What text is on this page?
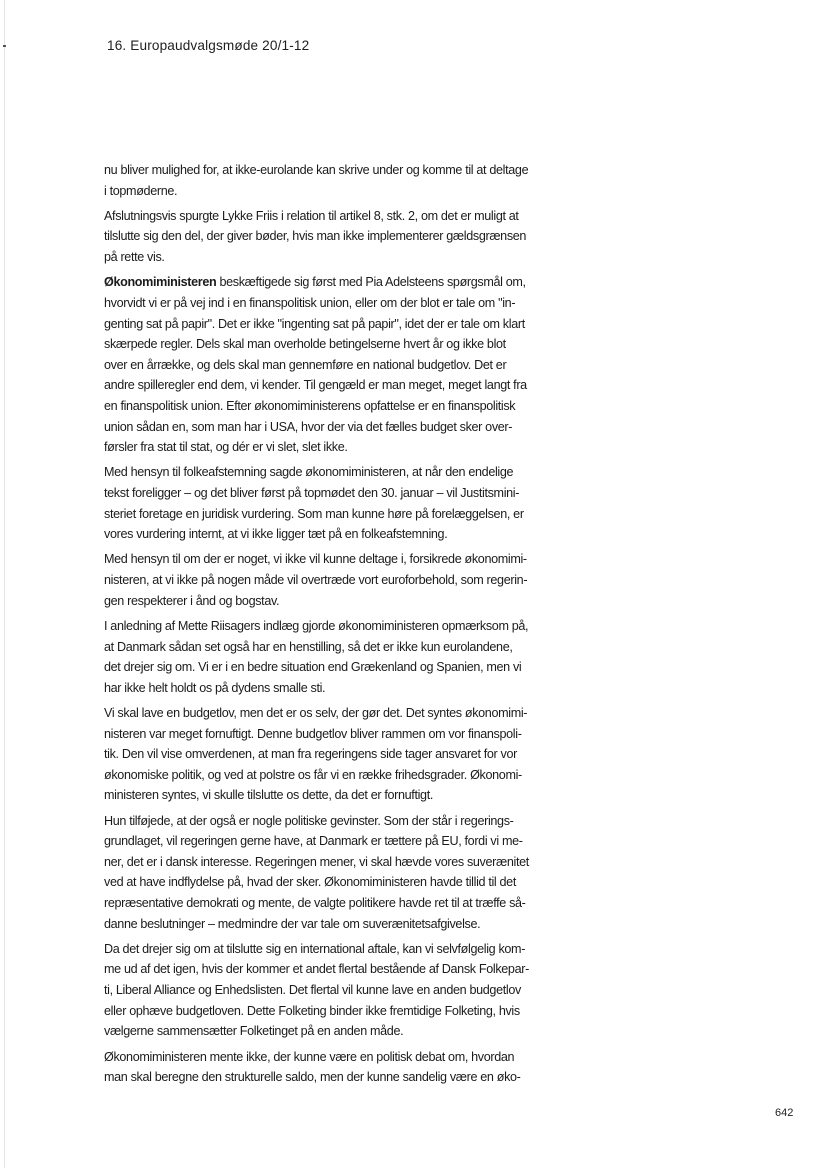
16. Europaudvalgsmøde 20/1-12

nu bliver mulighed for, at ikke-eurolande kan skrive under og komme til at deltage
i topmøderne.

Afslutningsvis spurgte Lykke Friis i relation til artikel 8, stk. 2, om det er muligt at
tilslutte sig den del, der giver bøder, hvis man ikke implementerer gældsgrænsen
på rette vis.

Økonomiministeren beskæftigede sig først med Pia Adelsteens spørgsmål om,
hvorvidt vi er på vej ind i en finanspolitisk union, eller om der blot er tale om "in-
genting sat på papir". Det er ikke "ingenting sat på papir", idet der er tale om klart
skærpede regler. Dels skal man overholde betingelserne hvert år og ikke blot
over en årrække, og dels skal man gennemføre en national budgetlov. Det er
andre spilleregler end dem, vi kender. Til gengæld er man meget, meget langt fra
en finanspolitisk union. Efter økonomiministerens opfattelse er en finanspolitisk
union sådan en, som man har i USA, hvor der via det fælles budget sker over-
førsler fra stat til stat, og dér er vi slet, slet ikke.

Med hensyn til folkeafstemning sagde økonomiministeren, at når den endelige
tekst foreligger – og det bliver først på topmødet den 30. januar – vil Justitsmini-
steriet foretage en juridisk vurdering. Som man kunne høre på forelæggelsen, er
vores vurdering internt, at vi ikke ligger tæt på en folkeafstemning.

Med hensyn til om der er noget, vi ikke vil kunne deltage i, forsikrede økonomimi-
nisteren, at vi ikke på nogen måde vil overtræde vort euroforbehold, som regerin-
gen respekterer i ånd og bogstav.

I anledning af Mette Riisagers indlæg gjorde økonomiministeren opmærksom på,
at Danmark sådan set også har en henstilling, så det er ikke kun eurolandene,
det drejer sig om. Vi er i en bedre situation end Grækenland og Spanien, men vi
har ikke helt holdt os på dydens smalle sti.

Vi skal lave en budgetlov, men det er os selv, der gør det. Det syntes økonomimi-
nisteren var meget fornuftigt. Denne budgetlov bliver rammen om vor finanspoli-
tik. Den vil vise omverdenen, at man fra regeringens side tager ansvaret for vor
økonomiske politik, og ved at polstre os får vi en række frihedsgrader. Økonomi-
ministeren syntes, vi skulle tilslutte os dette, da det er fornuftigt.

Hun tilføjede, at der også er nogle politiske gevinster. Som der står i regerings-
grundlaget, vil regeringen gerne have, at Danmark er tættere på EU, fordi vi me-
ner, det er i dansk interesse. Regeringen mener, vi skal hævde vores suverænitet
ved at have indflydelse på, hvad der sker. Økonomiministeren havde tillid til det
repræsentative demokrati og mente, de valgte politikere havde ret til at træffe så-
danne beslutninger – medmindre der var tale om suverænitetsafgivelse.

Da det drejer sig om at tilslutte sig en international aftale, kan vi selvfølgelig kom-
me ud af det igen, hvis der kommer et andet flertal bestående af Dansk Folkepar-
ti, Liberal Alliance og Enhedslisten. Det flertal vil kunne lave en anden budgetlov
eller ophæve budgetloven. Dette Folketing binder ikke fremtidige Folketing, hvis
vælgerne sammensætter Folketinget på en anden måde.

Økonomiministeren mente ikke, der kunne være en politisk debat om, hvordan
man skal beregne den strukturelle saldo, men der kunne sandelig være en øko-

642
